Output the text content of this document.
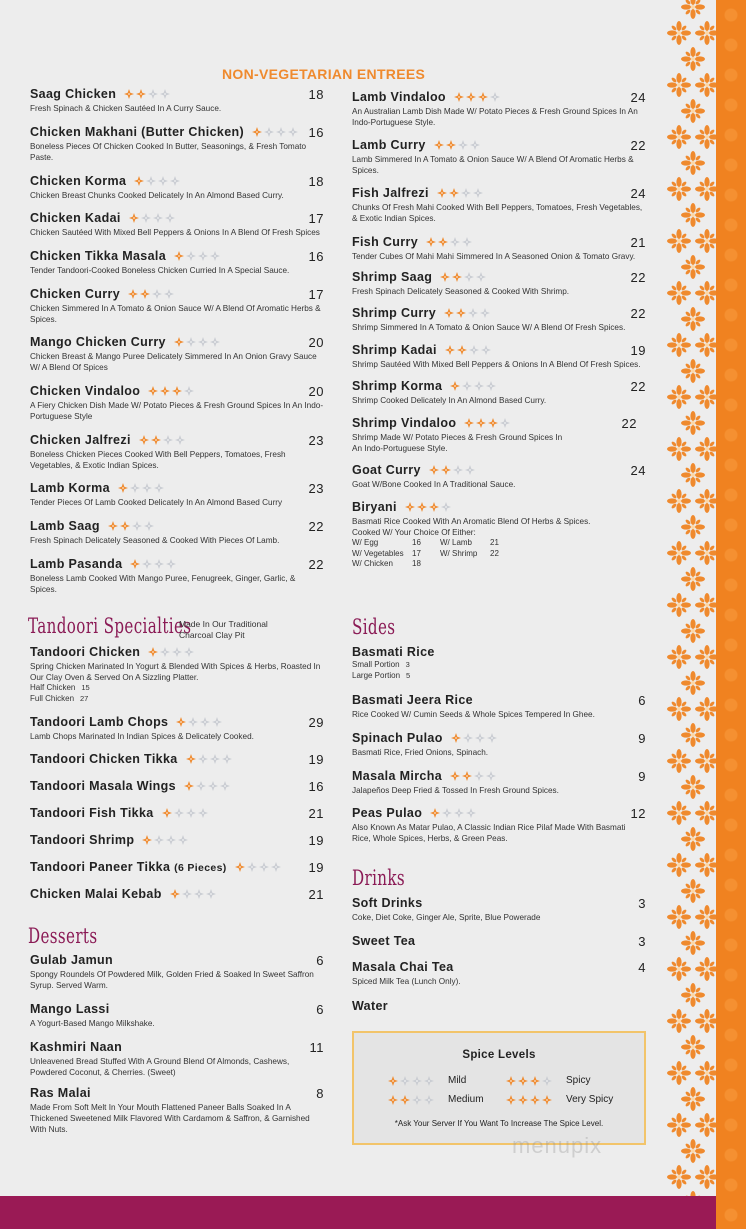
NON-VEGETARIAN ENTREES
Saag Chicken	18
Fresh Spinach & Chicken Sautéed In A Curry Sauce.
Chicken Makhani (Butter Chicken)	16
Boneless Pieces Of Chicken Cooked In Butter, Seasonings, & Fresh Tomato Paste.
Chicken Korma	18
Chicken Breast Chunks Cooked Delicately In An Almond Based Curry.
Chicken Kadai	17
Chicken Sautéed With Mixed Bell Peppers & Onions In A Blend Of Fresh Spices
Chicken Tikka Masala	16
Tender Tandoori-Cooked Boneless Chicken Curried In A Special Sauce.
Chicken Curry	17
Chicken Simmered In A Tomato & Onion Sauce W/ A Blend Of Aromatic Herbs & Spices.
Mango Chicken Curry	20
Chicken Breast & Mango Puree Delicately Simmered In An Onion Gravy Sauce W/ A Blend Of Spices
Chicken Vindaloo	20
A Fiery Chicken Dish Made W/ Potato Pieces & Fresh Ground Spices In An Indo-Portuguese Style
Chicken Jalfrezi	23
Boneless Chicken Pieces Cooked With Bell Peppers, Tomatoes, Fresh Vegetables, & Exotic Indian Spices.
Lamb Korma	23
Tender Pieces Of Lamb Cooked Delicately In An Almond Based Curry
Lamb Saag	22
Fresh Spinach Delicately Seasoned & Cooked With Pieces Of Lamb.
Lamb Pasanda	22
Boneless Lamb Cooked With Mango Puree, Fenugreek, Ginger, Garlic, & Spices.
Lamb Vindaloo	24
An Australian Lamb Dish Made W/ Potato Pieces & Fresh Ground Spices In An Indo-Portuguese Style.
Lamb Curry	22
Lamb Simmered In A Tomato & Onion Sauce W/ A Blend Of Aromatic Herbs & Spices.
Fish Jalfrezi	24
Chunks Of Fresh Mahi Cooked With Bell Peppers, Tomatoes, Fresh Vegetables, & Exotic Indian Spices.
Fish Curry	21
Tender Cubes Of Mahi Mahi Simmered In A Seasoned Onion & Tomato Gravy.
Shrimp Saag	22
Fresh Spinach Delicately Seasoned & Cooked With Shrimp.
Shrimp Curry	22
Shrimp Simmered In A Tomato & Onion Sauce W/ A Blend Of Fresh Spices.
Shrimp Kadai	19
Shrimp Sautéed With Mixed Bell Peppers & Onions In A Blend Of Fresh Spices.
Shrimp Korma	22
Shrimp Cooked Delicately In An Almond Based Curry.
Shrimp Vindaloo	22
Shrimp Made W/ Potato Pieces & Fresh Ground Spices In An Indo-Portuguese Style.
Goat Curry	24
Goat W/Bone Cooked In A Traditional Sauce.
Biryani
Basmati Rice Cooked With An Aromatic Blend Of Herbs & Spices.
Cooked W/ Your Choice Of Either:
W/ Egg	16	W/ Lamb	21
W/ Vegetables	17	W/ Shrimp	22
W/ Chicken	18
Tandoori Specialties
Made In Our Traditional Charcoal Clay Pit
Tandoori Chicken
Spring Chicken Marinated In Yogurt & Blended With Spices & Herbs, Roasted In Our Clay Oven & Served On A Sizzling Platter.
Half Chicken 15
Full Chicken 27
Tandoori Lamb Chops	29
Lamb Chops Marinated In Indian Spices & Delicately Cooked.
Tandoori Chicken Tikka	19
Tandoori Masala Wings	16
Tandoori Fish Tikka	21
Tandoori Shrimp	19
Tandoori Paneer Tikka (6 Pieces)	19
Chicken Malai Kebab	21
Desserts
Gulab Jamun	6
Spongy Roundels Of Powdered Milk, Golden Fried & Soaked In Sweet Saffron Syrup. Served Warm.
Mango Lassi	6
A Yogurt-Based Mango Milkshake.
Kashmiri Naan	11
Unleavened Bread Stuffed With A Ground Blend Of Almonds, Cashews, Powdered Coconut, & Cherries. (Sweet)
Ras Malai	8
Made From Soft Melt In Your Mouth Flattened Paneer Balls Soaked In A Thickened Sweetened Milk Flavored With Cardamom & Saffron, & Garnished With Nuts.
Sides
Basmati Rice
Small Portion 3
Large Portion 5
Basmati Jeera Rice	6
Rice Cooked W/ Cumin Seeds & Whole Spices Tempered In Ghee.
Spinach Pulao	9
Basmati Rice, Fried Onions, Spinach.
Masala Mircha	9
Jalapeños Deep Fried & Tossed In Fresh Ground Spices.
Peas Pulao	12
Also Known As Matar Pulao, A Classic Indian Rice Pilaf Made With Basmati Rice, Whole Spices, Herbs, & Green Peas.
Drinks
Soft Drinks	3
Coke, Diet Coke, Ginger Ale, Sprite, Blue Powerade
Sweet Tea	3
Masala Chai Tea	4
Spiced Milk Tea (Lunch Only).
Water
Spice Levels
Mild	Spicy
Medium	Very Spicy
*Ask Your Server If You Want To Increase The Spice Level.
menupix
